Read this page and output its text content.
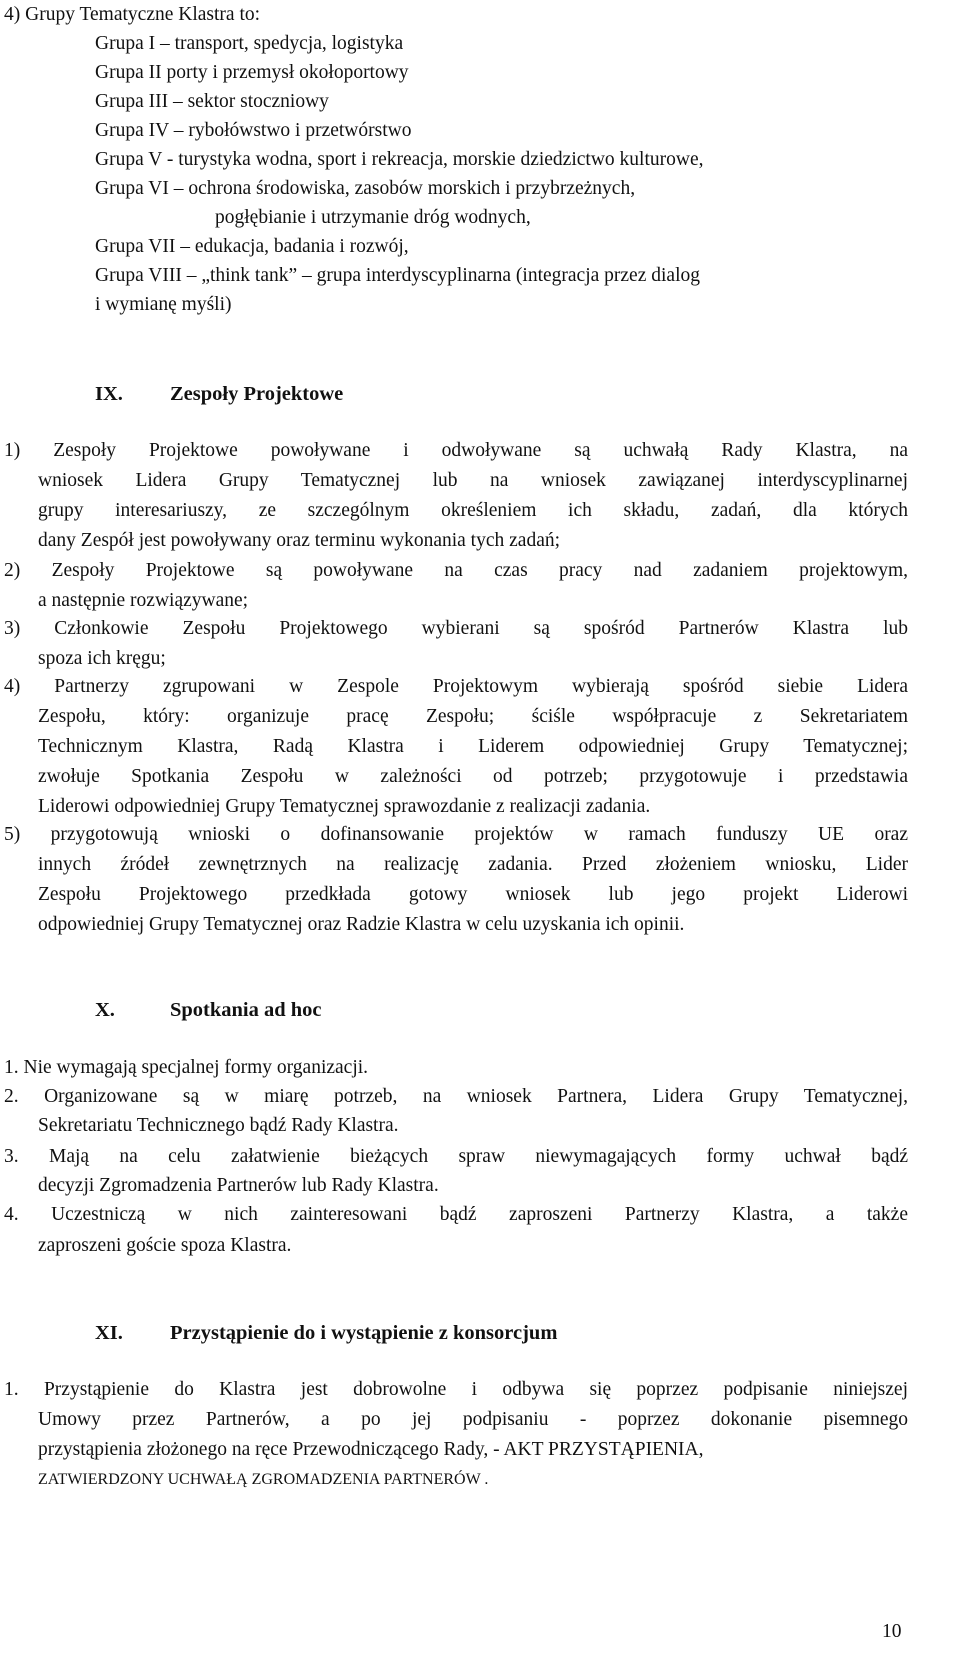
4) Grupy Tematyczne Klastra to:
Grupa I – transport, spedycja, logistyka
Grupa II porty i przemysł okołoportowy
Grupa III – sektor stoczniowy
Grupa IV – rybołówstwo i przetwórstwo
Grupa V - turystyka wodna, sport i rekreacja, morskie dziedzictwo kulturowe,
Grupa VI – ochrona środowiska, zasobów morskich i przybrzeżnych,
pogłębianie i utrzymanie dróg wodnych,
Grupa VII – edukacja, badania i rozwój,
Grupa VIII – „think tank” – grupa interdyscyplinarna (integracja przez dialog
i wymianę myśli)
IX. Zespoły Projektowe
1) Zespoły Projektowe powoływane i odwoływane są uchwałą Rady Klastra, na
wniosek Lidera Grupy Tematycznej lub na wniosek zawiązanej interdyscyplinarnej
grupy interesariuszy, ze szczególnym określeniem ich składu, zadań, dla których
dany Zespół jest powoływany oraz terminu wykonania tych zadań;
2) Zespoły Projektowe są powoływane na czas pracy nad zadaniem projektowym,
a następnie rozwiązywane;
3) Członkowie Zespołu Projektowego wybierani są spośród Partnerów Klastra lub
spoza ich kręgu;
4) Partnerzy zgrupowani w Zespole Projektowym wybierają spośród siebie Lidera
Zespołu, który: organizuje pracę Zespołu; ściśle współpracuje z Sekretariatem
Technicznym Klastra, Radą Klastra i Liderem odpowiedniej Grupy Tematycznej;
zwołuje Spotkania Zespołu w zależności od potrzeb; przygotowuje i przedstawia
Liderowi odpowiedniej Grupy Tematycznej sprawozdanie z realizacji zadania.
5) przygotowują wnioski o dofinansowanie projektów w ramach funduszy UE oraz
innych źródeł zewnętrznych na realizację zadania. Przed złożeniem wniosku, Lider
Zespołu Projektowego przedkłada gotowy wniosek lub jego projekt Liderowi
odpowiedniej Grupy Tematycznej oraz Radzie Klastra w celu uzyskania ich opinii.
X.	Spotkania ad hoc
1. Nie wymagają specjalnej formy organizacji.
2. Organizowane są w miarę potrzeb, na wniosek Partnera, Lidera Grupy Tematycznej,
Sekretariatu Technicznego bądź Rady Klastra.
3. Mają na celu załatwienie bieżących spraw niewymagających formy uchwał bądź
decyzji Zgromadzenia Partnerów lub Rady Klastra.
4. Uczestniczą w nich zainteresowani bądź zaproszeni Partnerzy Klastra, a także
zaproszeni goście spoza Klastra.
XI. Przystąpienie do i wystąpienie z konsorcjum
1. Przystąpienie do Klastra jest dobrowolne i odbywa się poprzez podpisanie niniejszej
Umowy przez Partnerów, a po jej podpisaniu - poprzez dokonanie pisemnego
przystąpienia złożonego na ręce Przewodniczącego Rady, - AKT PRZYSTĄPIENIA,
ZATWIERDZONY UCHWAŁĄ ZGROMADZENIA PARTNERÓW .
10
